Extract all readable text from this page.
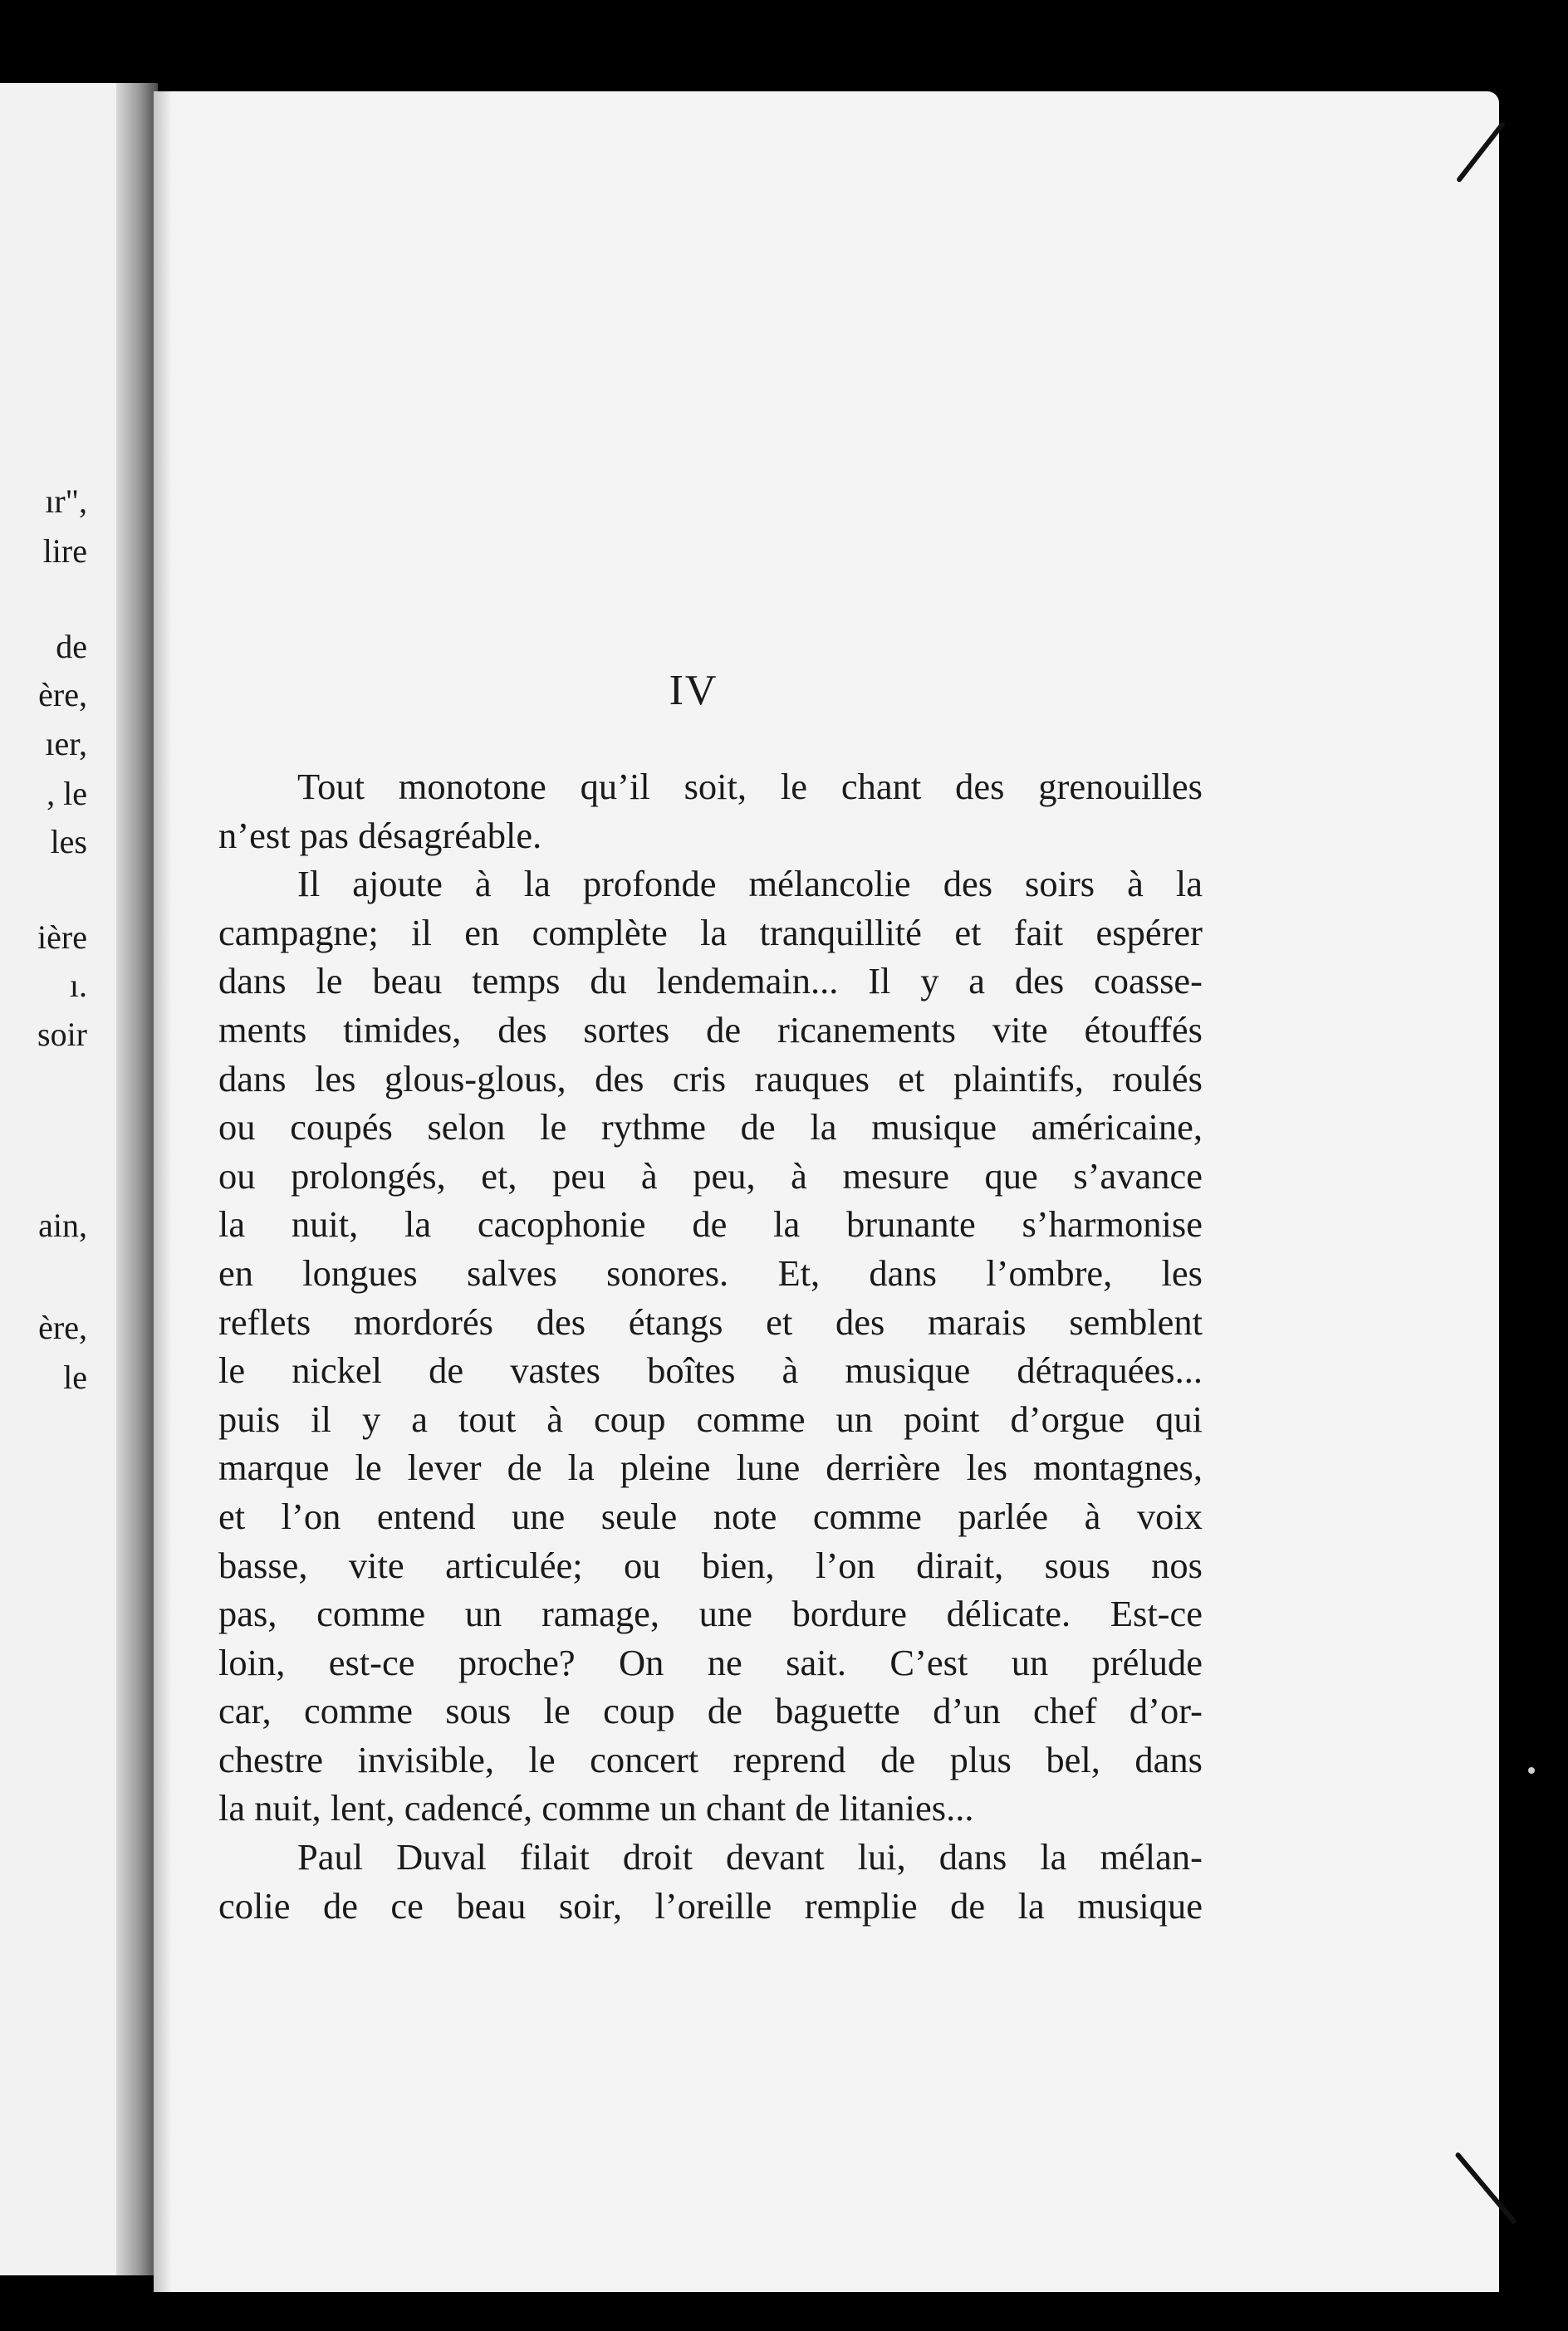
ır",
lire
de
ère,
ıer,
, le
les
ière
ı.
soir
ain,
ère,
le
IV
Tout monotone qu’il soit, le chant des grenouilles
n’est pas désagréable.
Il ajoute à la profonde mélancolie des soirs à la
campagne; il en complète la tranquillité et fait espérer
dans le beau temps du lendemain... Il y a des coasse-
ments timides, des sortes de ricanements vite étouffés
dans les glous-glous, des cris rauques et plaintifs, roulés
ou coupés selon le rythme de la musique américaine,
ou prolongés, et, peu à peu, à mesure que s’avance
la nuit, la cacophonie de la brunante s’harmonise
en longues salves sonores. Et, dans l’ombre, les
reflets mordorés des étangs et des marais semblent
le nickel de vastes boîtes à musique détraquées...
puis il y a tout à coup comme un point d’orgue qui
marque le lever de la pleine lune derrière les montagnes,
et l’on entend une seule note comme parlée à voix
basse, vite articulée; ou bien, l’on dirait, sous nos
pas, comme un ramage, une bordure délicate. Est-ce
loin, est-ce proche? On ne sait. C’est un prélude
car, comme sous le coup de baguette d’un chef d’or-
chestre invisible, le concert reprend de plus bel, dans
la nuit, lent, cadencé, comme un chant de litanies...
Paul Duval filait droit devant lui, dans la mélan-
colie de ce beau soir, l’oreille remplie de la musique
